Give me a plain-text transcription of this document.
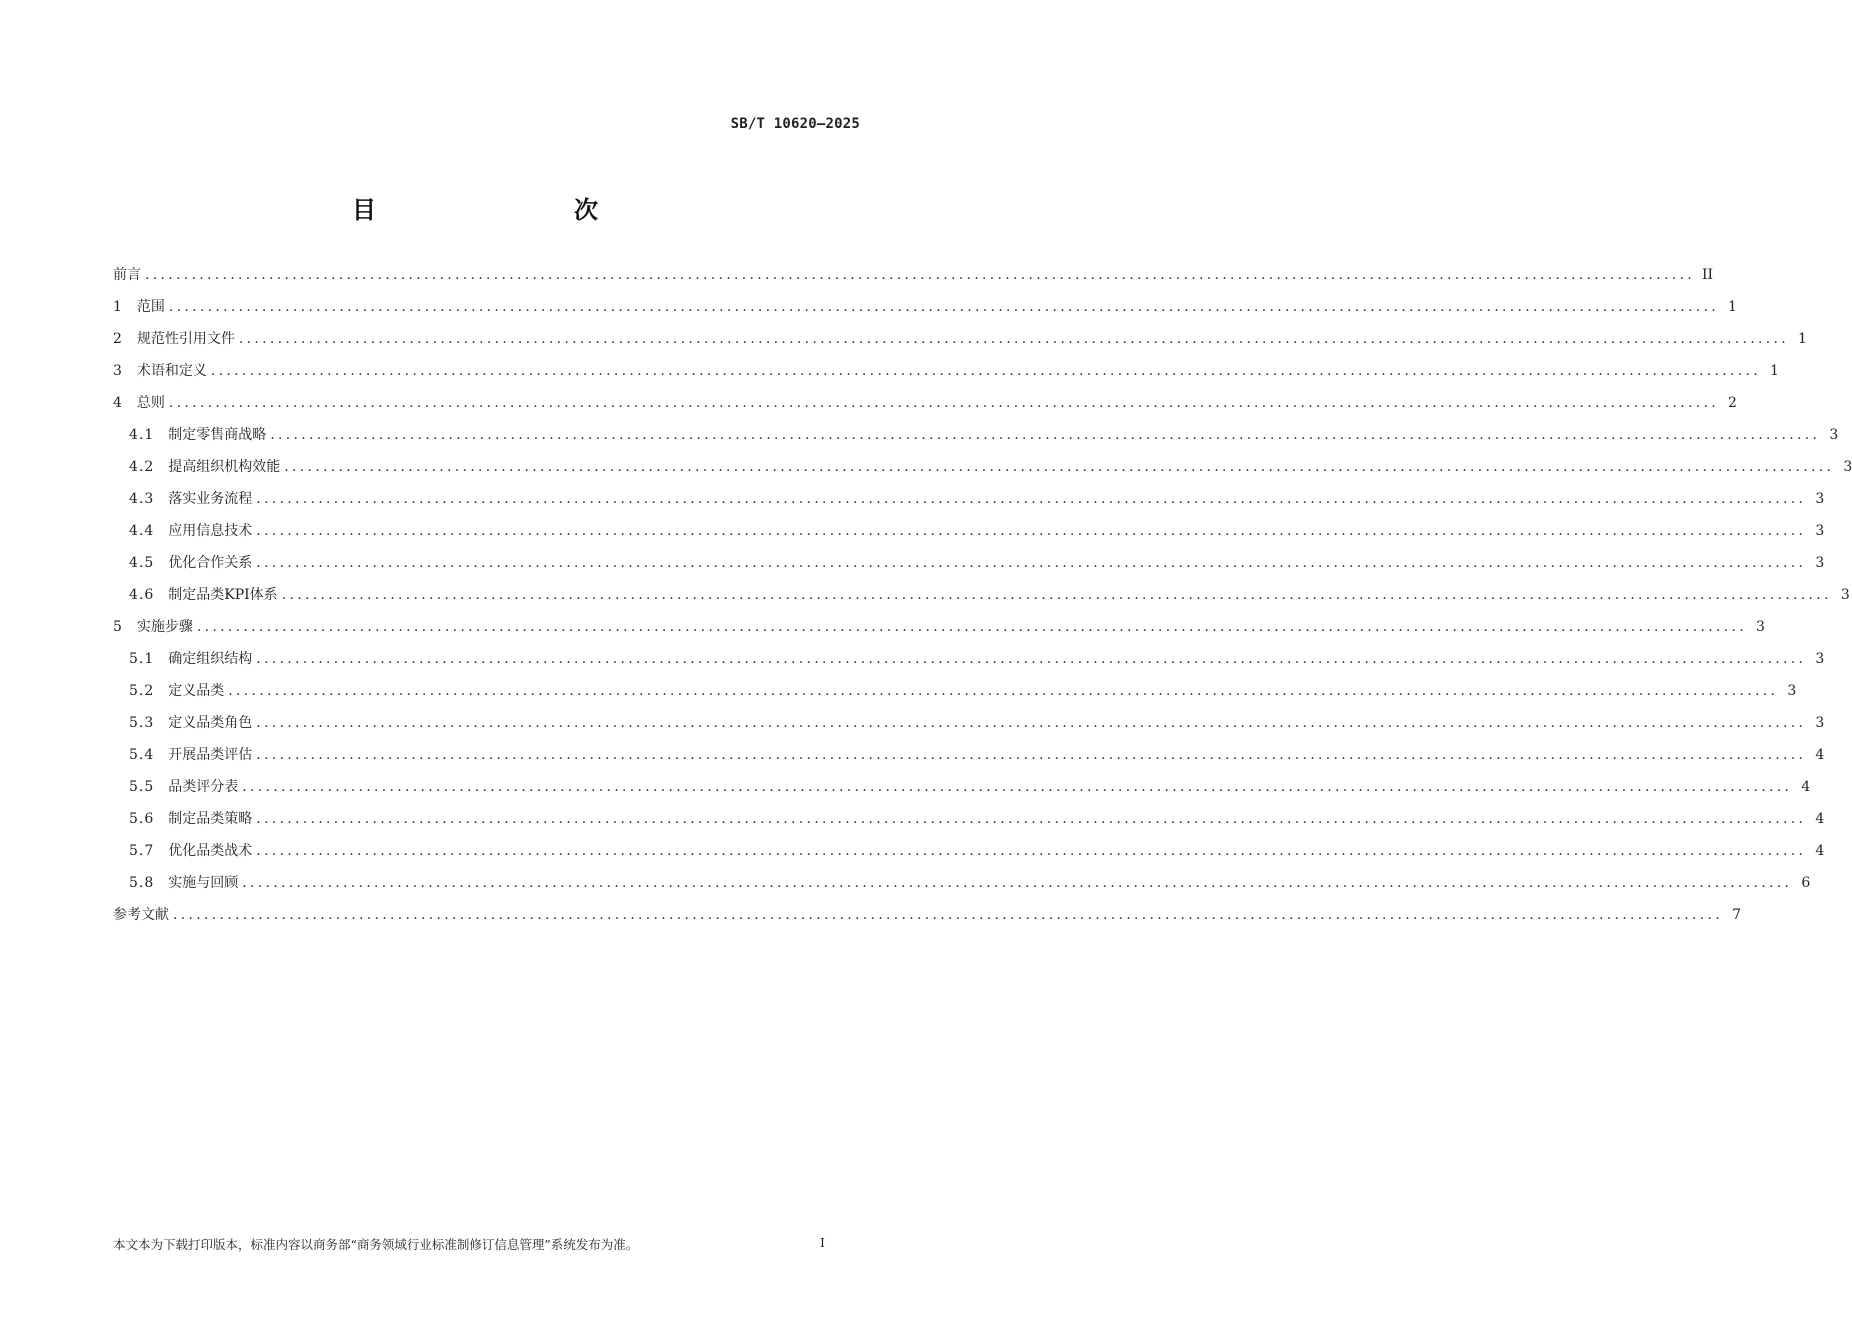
SB/T 10620—2025
目　　次
前言 ........................................................................................................................................................................................................ II
1 范围 ........................................................................................................................................................................................................ 1
2 规范性引用文件 ........................................................................................................................................................................................................ 1
3 术语和定义 ........................................................................................................................................................................................................ 1
4 总则 ........................................................................................................................................................................................................ 2
4.1 制定零售商战略 ........................................................................................................................................................................................................ 3
4.2 提高组织机构效能 ........................................................................................................................................................................................................ 3
4.3 落实业务流程 ........................................................................................................................................................................................................ 3
4.4 应用信息技术 ........................................................................................................................................................................................................ 3
4.5 优化合作关系 ........................................................................................................................................................................................................ 3
4.6 制定品类KPI体系 ........................................................................................................................................................................................................ 3
5 实施步骤 ........................................................................................................................................................................................................ 3
5.1 确定组织结构 ........................................................................................................................................................................................................ 3
5.2 定义品类 ........................................................................................................................................................................................................ 3
5.3 定义品类角色 ........................................................................................................................................................................................................ 3
5.4 开展品类评估 ........................................................................................................................................................................................................ 4
5.5 品类评分表 ........................................................................................................................................................................................................ 4
5.6 制定品类策略 ........................................................................................................................................................................................................ 4
5.7 优化品类战术 ........................................................................................................................................................................................................ 4
5.8 实施与回顾 ........................................................................................................................................................................................................ 6
参考文献 ........................................................................................................................................................................................................ 7
本文本为下载打印版本，标准内容以商务部“商务领域行业标准制修订信息管理”系统发布为准。	I
